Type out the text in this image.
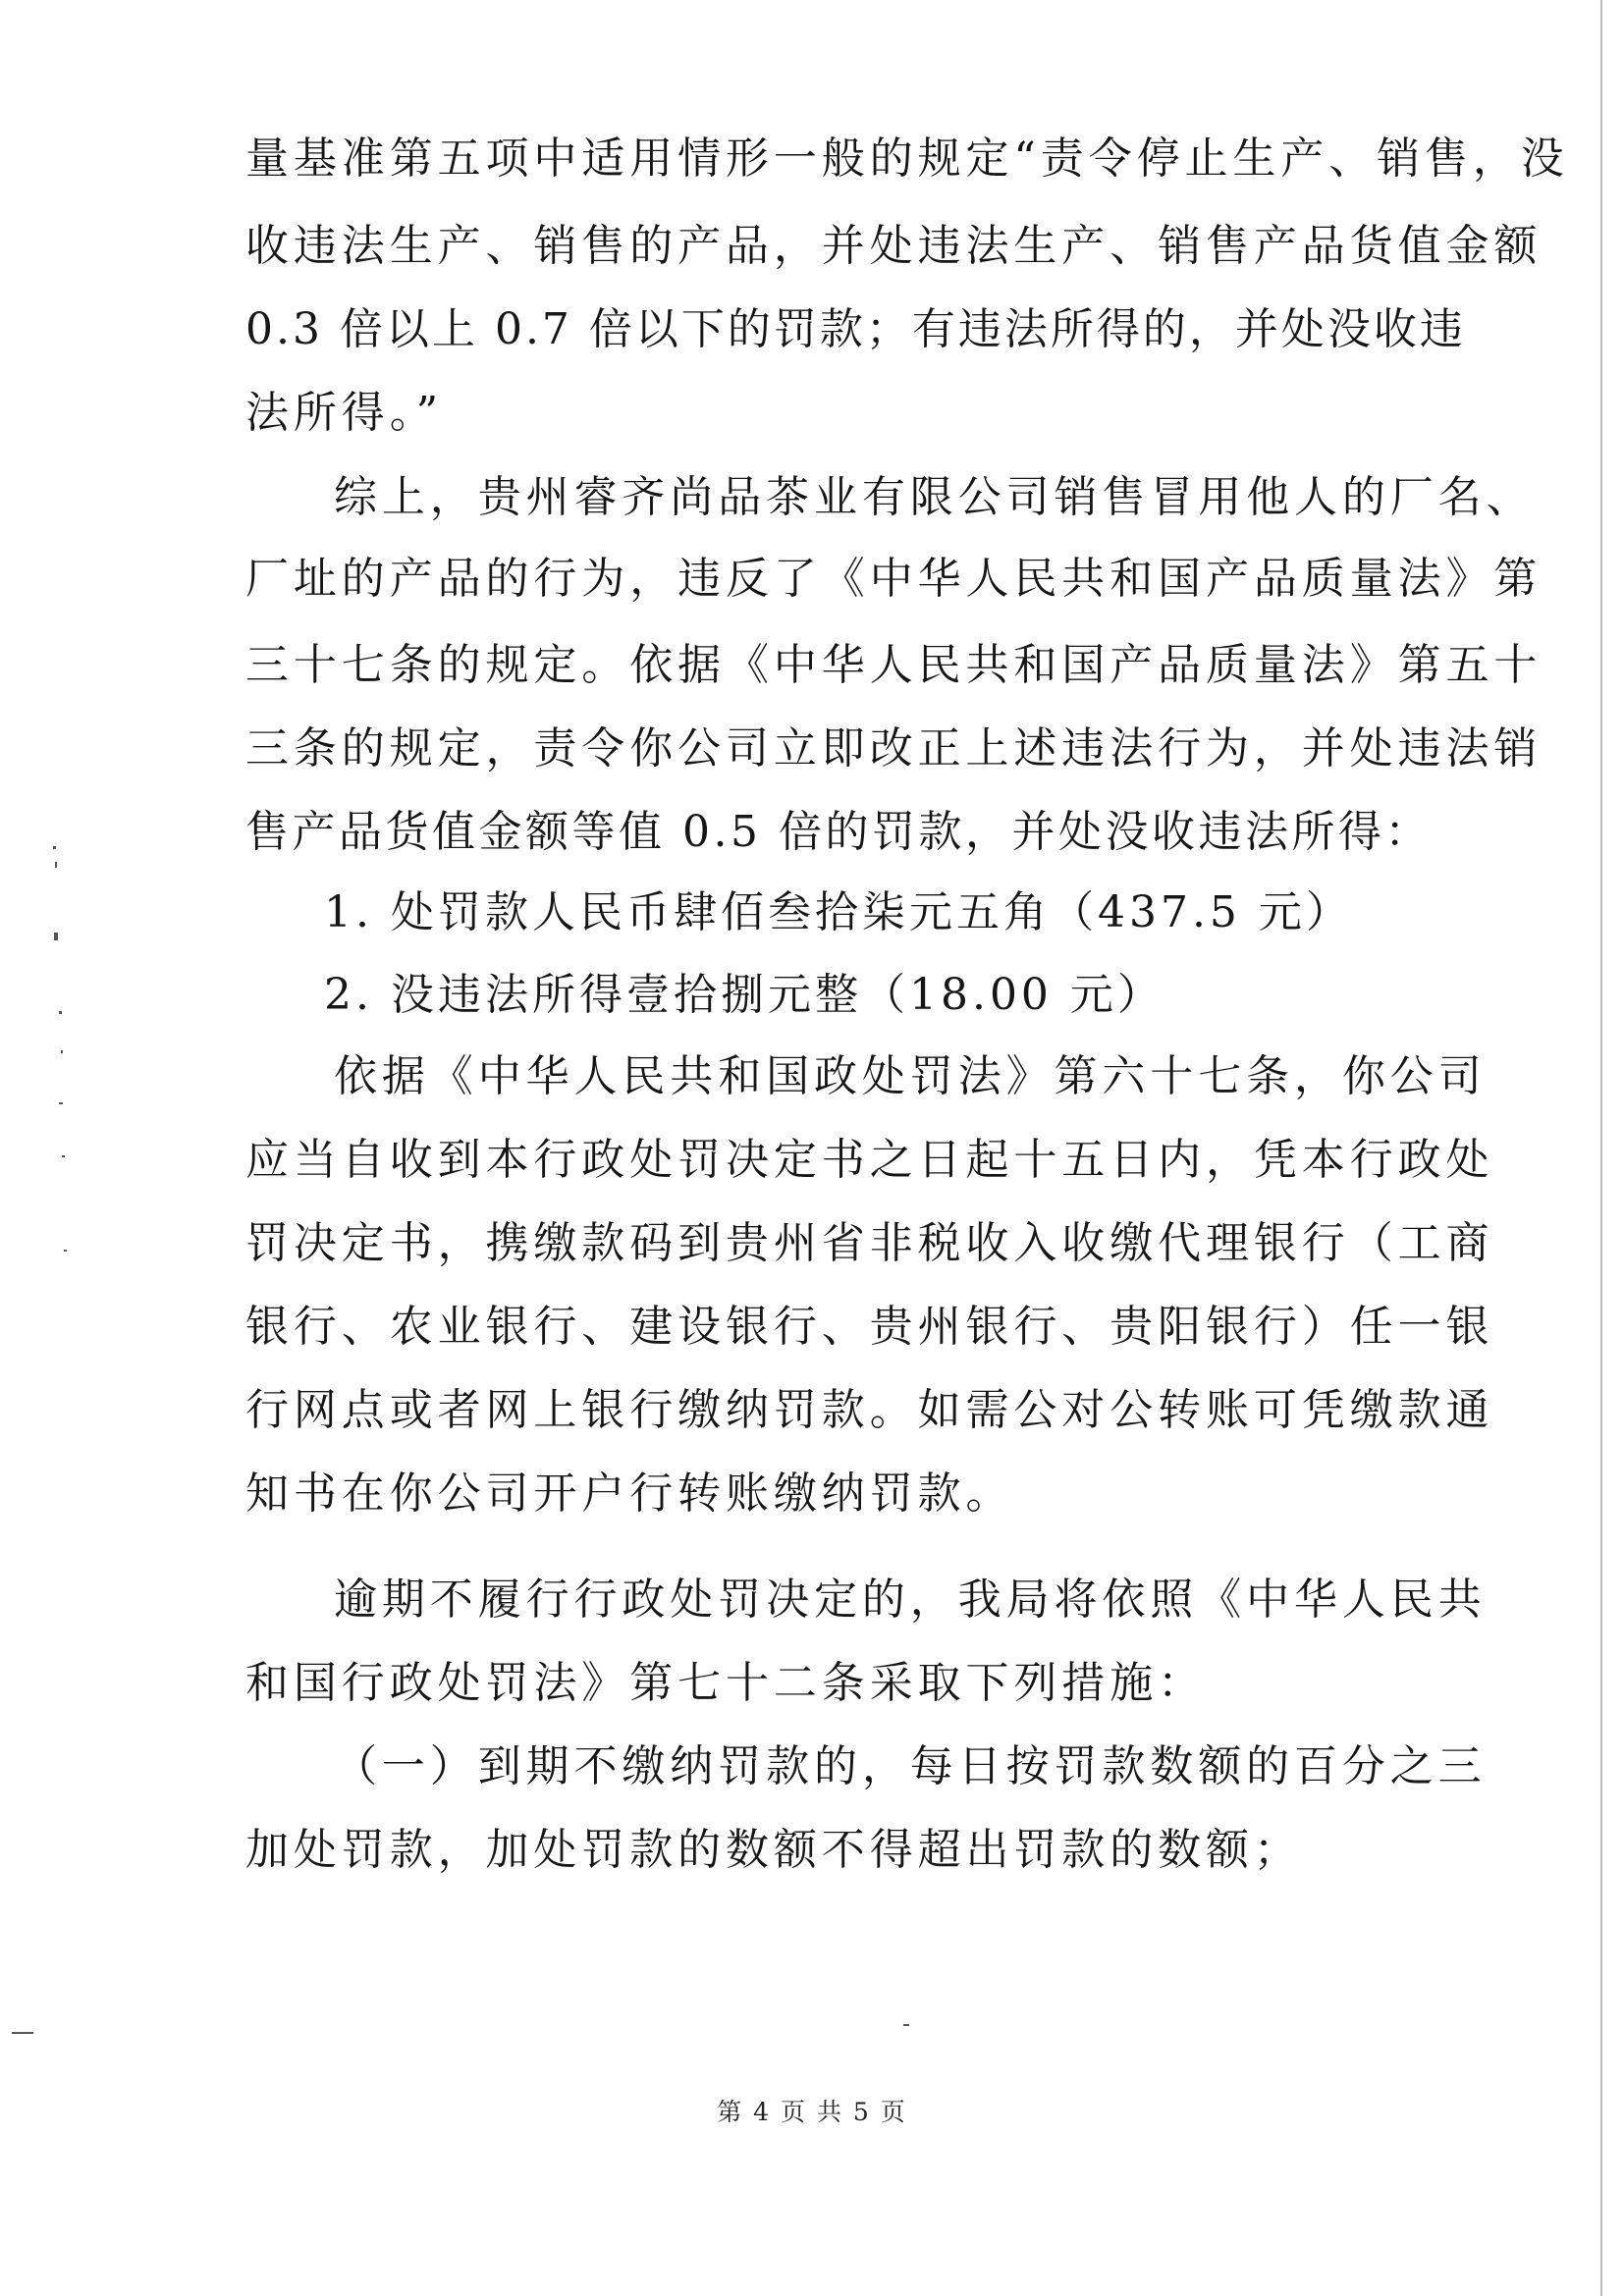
量基准第五项中适用情形一般的规定“责令停止生产、销售，没
收违法生产、销售的产品，并处违法生产、销售产品货值金额
0.3 倍以上 0.7 倍以下的罚款；有违法所得的，并处没收违
法所得。”
综上，贵州睿齐尚品茶业有限公司销售冒用他人的厂名、
厂址的产品的行为，违反了《中华人民共和国产品质量法》第
三十七条的规定。依据《中华人民共和国产品质量法》第五十
三条的规定，责令你公司立即改正上述违法行为，并处违法销
售产品货值金额等值 0.5 倍的罚款，并处没收违法所得：
1. 处罚款人民币肆佰叁拾柒元五角（437.5 元）
2. 没违法所得壹拾捌元整（18.00 元）
依据《中华人民共和国政处罚法》第六十七条，你公司
应当自收到本行政处罚决定书之日起十五日内，凭本行政处
罚决定书，携缴款码到贵州省非税收入收缴代理银行（工商
银行、农业银行、建设银行、贵州银行、贵阳银行）任一银
行网点或者网上银行缴纳罚款。如需公对公转账可凭缴款通
知书在你公司开户行转账缴纳罚款。
逾期不履行行政处罚决定的，我局将依照《中华人民共
和国行政处罚法》第七十二条采取下列措施：
（一）到期不缴纳罚款的，每日按罚款数额的百分之三
加处罚款，加处罚款的数额不得超出罚款的数额；
第 4 页 共 5 页
